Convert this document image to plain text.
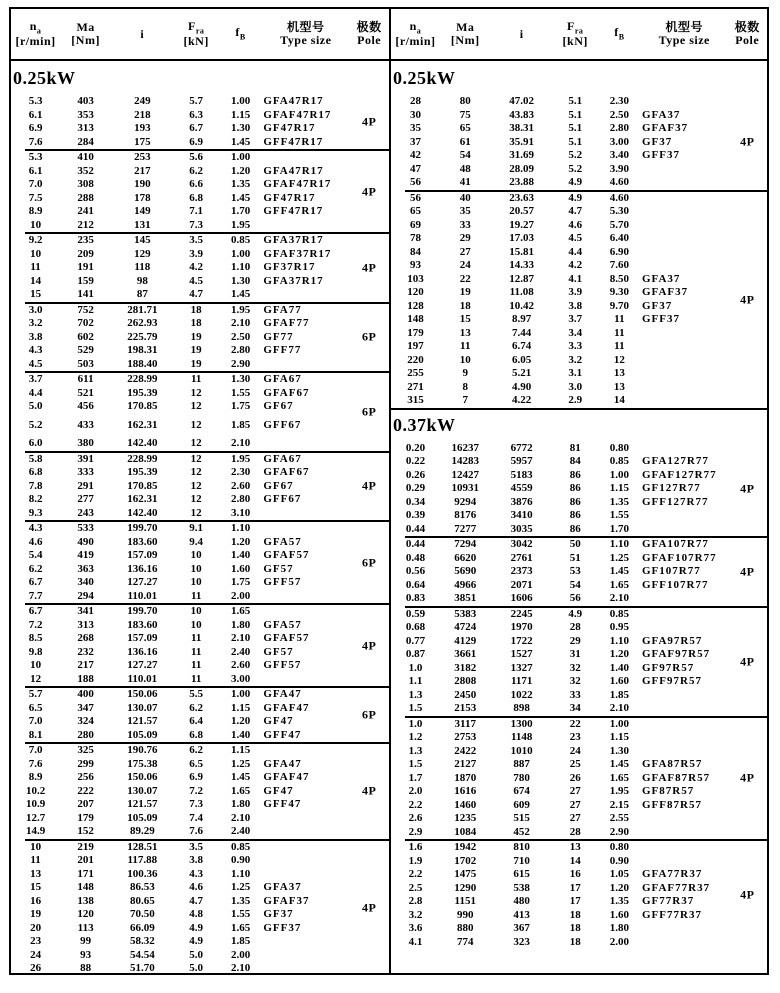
$n_a$
[r/min]
Ma
[Nm]	i
$F_{ra}$
[kN]
$f_B$
机型号
Type size
极数
Pole
0.25kW
5.3	403	249	5.7	1.00	GFA47R17
6.1	353	218	6.3	1.15	GFAF47R17
6.9	313	193	6.7	1.30	GF47R17
7.6	284	175	6.9	1.45	GFF47R17
4P
5.3	410	253	5.6	1.00
6.1	352	217	6.2	1.20	GFA47R17
7.0	308	190	6.6	1.35	GFAF47R17
7.5	288	178	6.8	1.45	GF47R17
8.9	241	149	7.1	1.70	GFF47R17
10	212	131	7.3	1.95
4P
9.2	235	145	3.5	0.85	GFA37R17
10	209	129	3.9	1.00	GFAF37R17
11	191	118	4.2	1.10	GF37R17
14	159	98	4.5	1.30	GFA37R17
15	141	87	4.7	1.45
4P
3.0	752	281.71	18	1.95	GFA77
3.2	702	262.93	18	2.10	GFAF77
3.8	602	225.79	19	2.50	GF77
4.3	529	198.31	19	2.80	GFF77
4.5	503	188.40	19	2.90
6P
3.7	611	228.99	11	1.30	GFA67
4.4	521	195.39	12	1.55	GFAF67
5.0	456	170.85	12	1.75	GF67
5.2	433	162.31	12	1.85	GFF67
6.0	380	142.40	12	2.10
6P
5.8	391	228.99	12	1.95	GFA67
6.8	333	195.39	12	2.30	GFAF67
7.8	291	170.85	12	2.60	GF67
8.2	277	162.31	12	2.80	GFF67
9.3	243	142.40	12	3.10
4P
4.3	533	199.70	9.1	1.10
4.6	490	183.60	9.4	1.20	GFA57
5.4	419	157.09	10	1.40	GFAF57
6.2	363	136.16	10	1.60	GF57
6.7	340	127.27	10	1.75	GFF57
7.7	294	110.01	11	2.00
6P
6.7	341	199.70	10	1.65
7.2	313	183.60	10	1.80	GFA57
8.5	268	157.09	11	2.10	GFAF57
9.8	232	136.16	11	2.40	GF57
10	217	127.27	11	2.60	GFF57
12	188	110.01	11	3.00
4P
5.7	400	150.06	5.5	1.00	GFA47
6.5	347	130.07	6.2	1.15	GFAF47
7.0	324	121.57	6.4	1.20	GF47
8.1	280	105.09	6.8	1.40	GFF47
6P
7.0	325	190.76	6.2	1.15
7.6	299	175.38	6.5	1.25	GFA47
8.9	256	150.06	6.9	1.45	GFAF47
10.2	222	130.07	7.2	1.65	GF47
10.9	207	121.57	7.3	1.80	GFF47
12.7	179	105.09	7.4	2.10
14.9	152	89.29	7.6	2.40
4P
10	219	128.51	3.5	0.85
11	201	117.88	3.8	0.90
13	171	100.36	4.3	1.10
15	148	86.53	4.6	1.25	GFA37
16	138	80.65	4.7	1.35	GFAF37
19	120	70.50	4.8	1.55	GF37
20	113	66.09	4.9	1.65	GFF37
23	99	58.32	4.9	1.85
24	93	54.54	5.0	2.00
26	88	51.70	5.0	2.10
4P
$n_a$
[r/min]
Ma
[Nm]	i
$F_{ra}$
[kN]
$f_B$
机型号
Type size
极数
Pole
0.25kW
28	80	47.02	5.1	2.30
30	75	43.83	5.1	2.50	GFA37
35	65	38.31	5.1	2.80	GFAF37
37	61	35.91	5.1	3.00	GF37
42	54	31.69	5.2	3.40	GFF37
47	48	28.09	5.2	3.90
56	41	23.88	4.9	4.60
4P
56	40	23.63	4.9	4.60
65	35	20.57	4.7	5.30
69	33	19.27	4.6	5.70
78	29	17.03	4.5	6.40
84	27	15.81	4.4	6.90
93	24	14.33	4.2	7.60
103	22	12.87	4.1	8.50	GFA37
120	19	11.08	3.9	9.30	GFAF37
128	18	10.42	3.8	9.70	GF37
148	15	8.97	3.7	11	GFF37
179	13	7.44	3.4	11
197	11	6.74	3.3	11
220	10	6.05	3.2	12
255	9	5.21	3.1	13
271	8	4.90	3.0	13
315	7	4.22	2.9	14
4P
0.37kW
0.20	16237	6772	81	0.80
0.22	14283	5957	84	0.85	GFA127R77
0.26	12427	5183	86	1.00	GFAF127R77
0.29	10931	4559	86	1.15	GF127R77
0.34	9294	3876	86	1.35	GFF127R77
0.39	8176	3410	86	1.55
0.44	7277	3035	86	1.70
4P
0.44	7294	3042	50	1.10	GFA107R77
0.48	6620	2761	51	1.25	GFAF107R77
0.56	5690	2373	53	1.45	GF107R77
0.64	4966	2071	54	1.65	GFF107R77
0.83	3851	1606	56	2.10
4P
0.59	5383	2245	4.9	0.85
0.68	4724	1970	28	0.95
0.77	4129	1722	29	1.10	GFA97R57
0.87	3661	1527	31	1.20	GFAF97R57
1.0	3182	1327	32	1.40	GF97R57
1.1	2808	1171	32	1.60	GFF97R57
1.3	2450	1022	33	1.85
1.5	2153	898	34	2.10
4P
1.0	3117	1300	22	1.00
1.2	2753	1148	23	1.15
1.3	2422	1010	24	1.30
1.5	2127	887	25	1.45	GFA87R57
1.7	1870	780	26	1.65	GFAF87R57
2.0	1616	674	27	1.95	GF87R57
2.2	1460	609	27	2.15	GFF87R57
2.6	1235	515	27	2.55
2.9	1084	452	28	2.90
4P
1.6	1942	810	13	0.80
1.9	1702	710	14	0.90
2.2	1475	615	16	1.05	GFA77R37
2.5	1290	538	17	1.20	GFAF77R37
2.8	1151	480	17	1.35	GF77R37
3.2	990	413	18	1.60	GFF77R37
3.6	880	367	18	1.80
4.1	774	323	18	2.00
4P
